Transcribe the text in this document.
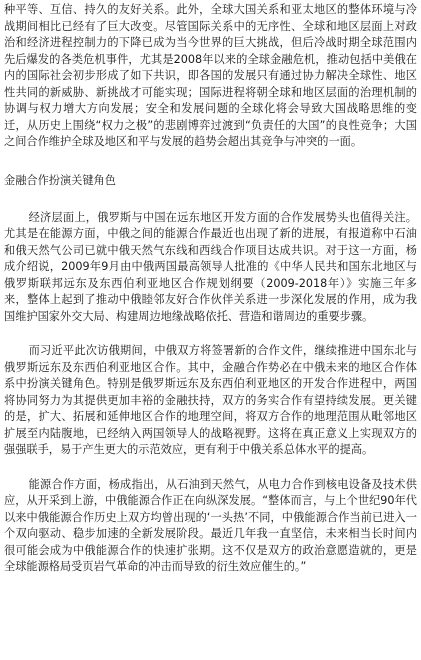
种平等、互信、持久的友好关系。此外，全球大国关系和亚太地区的整体环境与冷战期间相比已经有了巨大改变。尽管国际关系中的无序性、全球和地区层面上对政治和经济进程控制力的下降已成为当今世界的巨大挑战，但后冷战时期全球范围内先后爆发的各类危机事件，尤其是2008年以来的全球金融危机，推动包括中美俄在内的国际社会初步形成了如下共识，即各国的发展只有通过协力解决全球性、地区性共同的新威胁、新挑战才可能实现；国际进程将朝全球和地区层面的治理机制的协调与权力增大方向发展；安全和发展问题的全球化将会导致大国战略思维的变迁，从历史上围绕“权力之极”的悲剧博弈过渡到“负责任的大国”的良性竞争；大国之间合作维护全球及地区和平与发展的趋势会超出其竞争与冲突的一面。

金融合作扮演关键角色

经济层面上，俄罗斯与中国在远东地区开发方面的合作发展势头也值得关注。尤其是在能源方面，中俄之间的能源合作最近也出现了新的进展，有报道称中石油和俄天然气公司已就中俄天然气东线和西线合作项目达成共识。对于这一方面，杨成介绍说，2009年9月由中俄两国最高领导人批准的《中华人民共和国东北地区与俄罗斯联邦远东及东西伯利亚地区合作规划纲要（2009-2018年）》实施三年多来，整体上起到了推动中俄睦邻友好合作伙伴关系进一步深化发展的作用，成为我国维护国家外交大局、构建周边地缘战略依托、营造和谐周边的重要步骤。

而习近平此次访俄期间，中俄双方将签署新的合作文件，继续推进中国东北与俄罗斯远东及东西伯利亚地区合作。其中，金融合作势必在中俄未来的地区合作体系中扮演关键角色。特别是俄罗斯远东及东西伯利亚地区的开发合作进程中，两国将协同努力为其提供更加丰裕的金融扶持，双方的务实合作有望持续发展。更关键的是，扩大、拓展和延伸地区合作的地理空间，将双方合作的地理范围从毗邻地区扩展至内陆腹地，已经纳入两国领导人的战略视野。这将在真正意义上实现双方的强强联手，易于产生更大的示范效应，更有利于中俄关系总体水平的提高。

能源合作方面，杨成指出，从石油到天然气，从电力合作到核电设备及技术供应，从开采到上游，中俄能源合作正在向纵深发展。“整体而言，与上个世纪90年代以来中俄能源合作历史上双方均曾出现的‘一头热’不同，中俄能源合作当前已进入一个双向驱动、稳步加速的全新发展阶段。最近几年我一直坚信，未来相当长时间内很可能会成为中俄能源合作的快速扩张期。这不仅是双方的政治意愿造就的，更是全球能源格局受页岩气革命的冲击而导致的衍生效应催生的。”
